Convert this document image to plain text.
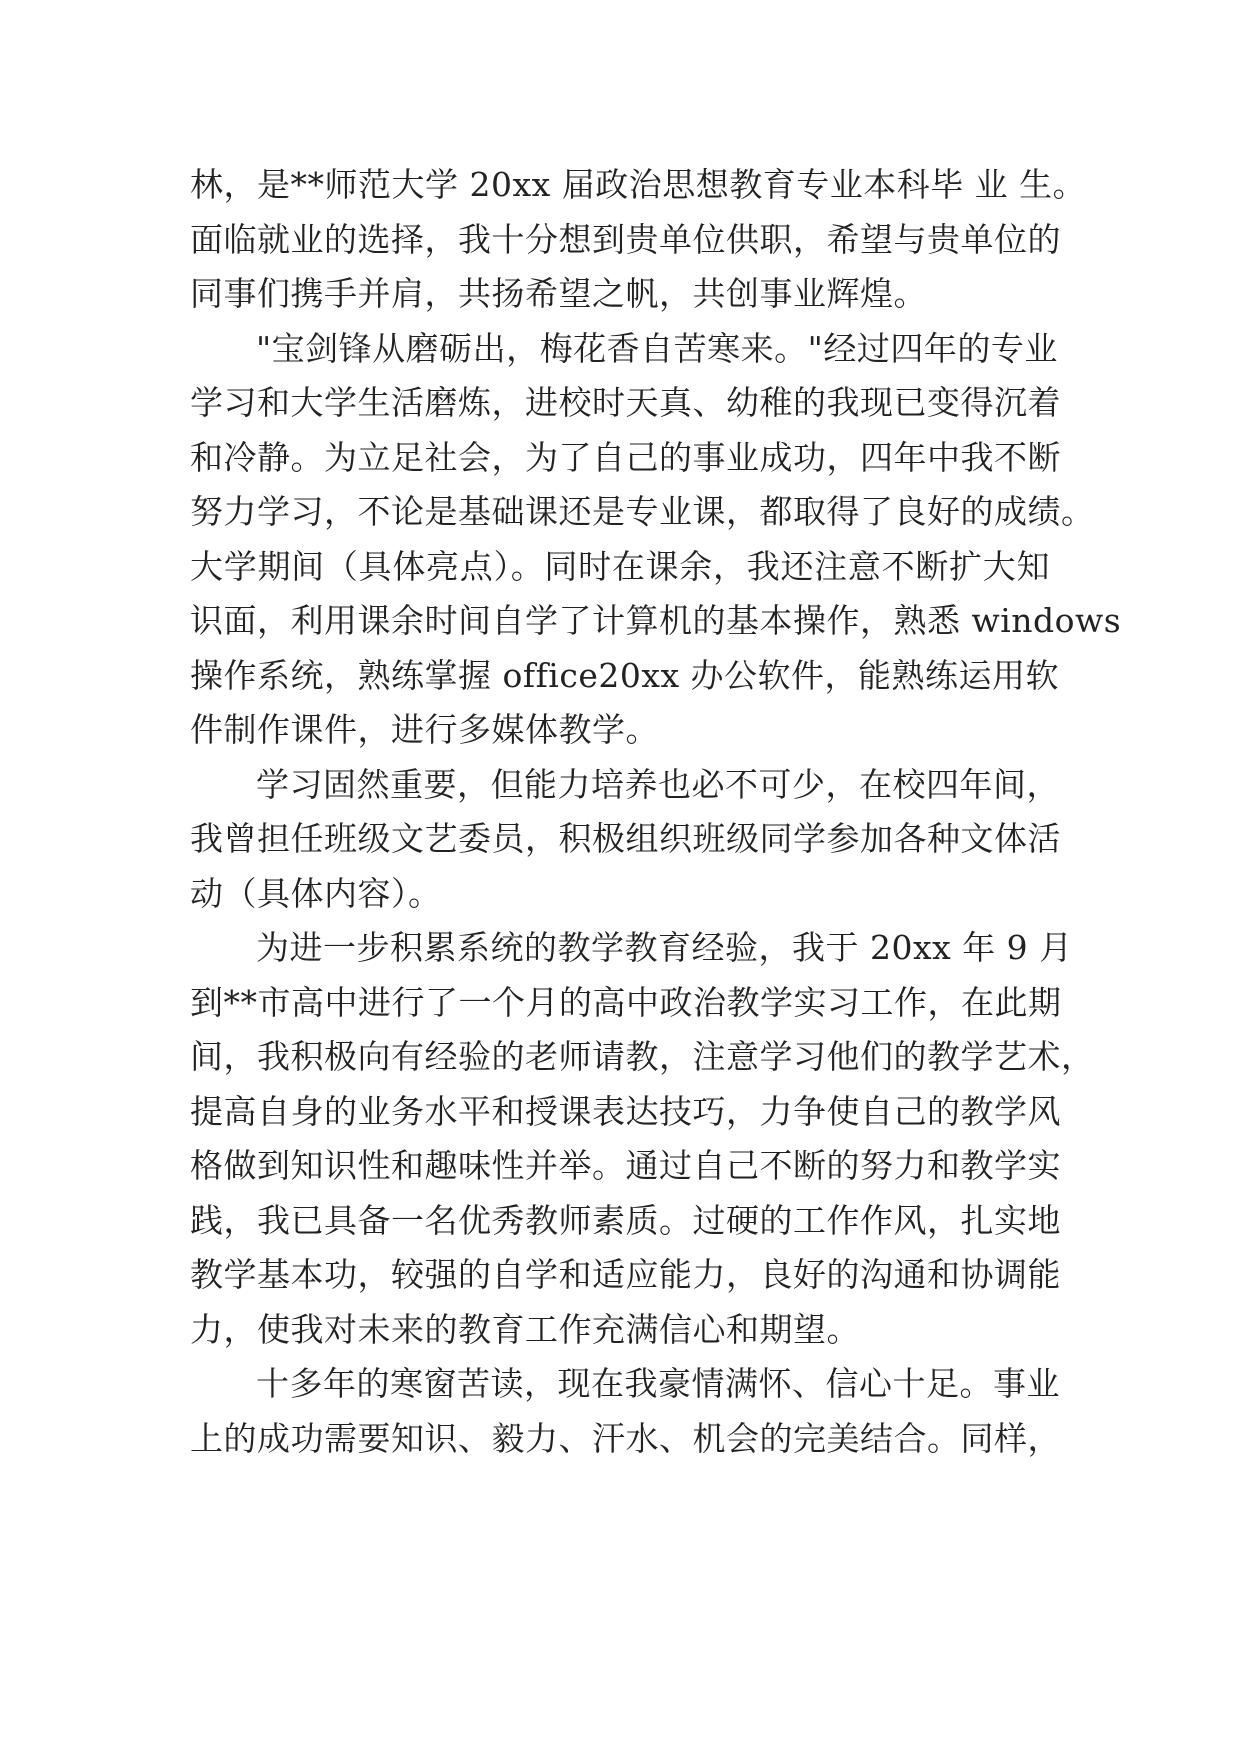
林，是**师范大学 20xx 届政治思想教育专业本科毕 业 生。
面临就业的选择，我十分想到贵单位供职，希望与贵单位的
同事们携手并肩，共扬希望之帆，共创事业辉煌。
"宝剑锋从磨砺出，梅花香自苦寒来。"经过四年的专业
学习和大学生活磨炼，进校时天真、幼稚的我现已变得沉着
和冷静。为立足社会，为了自己的事业成功，四年中我不断
努力学习，不论是基础课还是专业课，都取得了良好的成绩。
大学期间（具体亮点）。同时在课余，我还注意不断扩大知
识面，利用课余时间自学了计算机的基本操作，熟悉 windows
操作系统，熟练掌握 office20xx 办公软件，能熟练运用软
件制作课件，进行多媒体教学。
学习固然重要，但能力培养也必不可少，在校四年间，
我曾担任班级文艺委员，积极组织班级同学参加各种文体活
动（具体内容）。
为进一步积累系统的教学教育经验，我于 20xx 年 9 月
到**市高中进行了一个月的高中政治教学实习工作，在此期
间，我积极向有经验的老师请教，注意学习他们的教学艺术，
提高自身的业务水平和授课表达技巧，力争使自己的教学风
格做到知识性和趣味性并举。通过自己不断的努力和教学实
践，我已具备一名优秀教师素质。过硬的工作作风，扎实地
教学基本功，较强的自学和适应能力，良好的沟通和协调能
力，使我对未来的教育工作充满信心和期望。
十多年的寒窗苦读，现在我豪情满怀、信心十足。事业
上的成功需要知识、毅力、汗水、机会的完美结合。同样，
